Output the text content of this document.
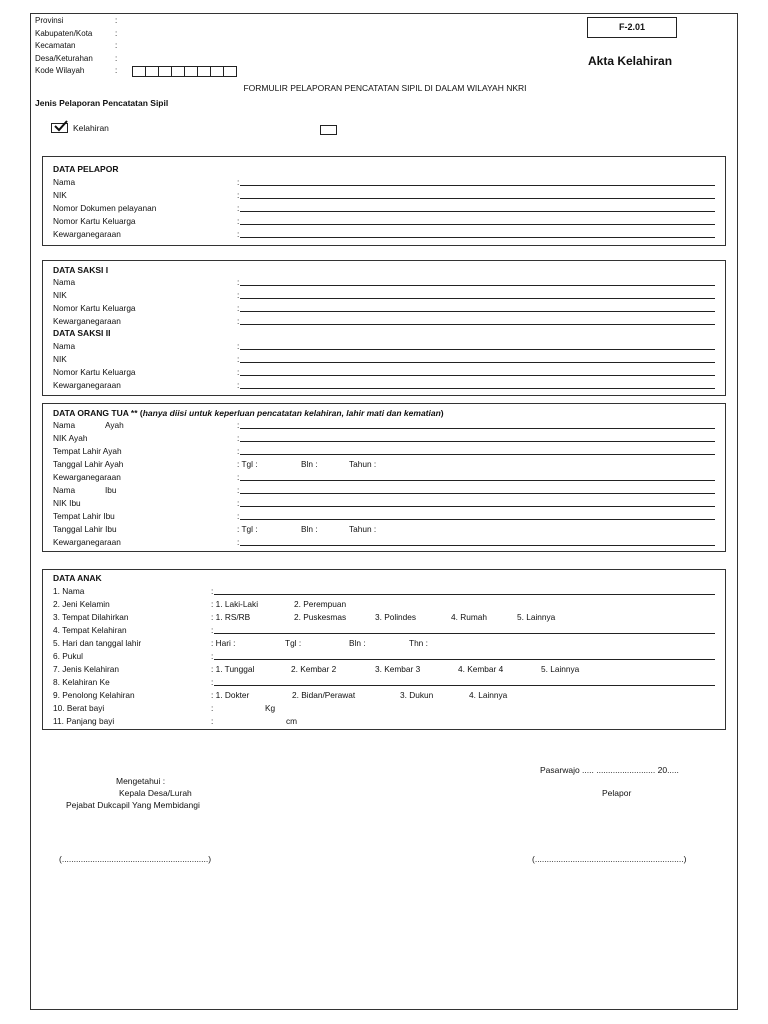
Provinsi	:
Kabupaten/Kota	:
Kecamatan	:
Desa/Keturahan	:
Kode Wilayah	:
F-2.01
Akta Kelahiran
FORMULIR PELAPORAN PENCATATAN SIPIL DI DALAM WILAYAH NKRI
Jenis Pelaporan Pencatatan Sipil
Kelahiran
DATA PELAPOR
Nama	:
NIK	:
Nomor Dokumen pelayanan	:
Nomor Kartu Keluarga	:
Kewarganegaraan	:
DATA SAKSI I
Nama	:
NIK	:
Nomor Kartu Keluarga	:
Kewarganegaraan	:
DATA SAKSI II
Nama	:
NIK	:
Nomor Kartu Keluarga	:
Kewarganegaraan	:
DATA ORANG TUA ** (hanya diisi untuk keperluan pencatatan kelahiran, lahir mati dan kematian)
Nama	Ayah	:
NIK Ayah	:
Tempat Lahir Ayah	:
Tanggal Lahir Ayah	: Tgl :	Bln :	Tahun :
Kewarganegaraan	:
Nama	Ibu	:
NIK Ibu	:
Tempat Lahir Ibu	:
Tanggal Lahir Ibu	: Tgl :	Bln :	Tahun :
Kewarganegaraan	:
DATA ANAK
1. Nama	:
2. Jeni Kelamin	: 1. Laki-Laki	2. Perempuan
3. Tempat Dilahirkan	: 1. RS/RB	2. Puskesmas	3. Polindes	4. Rumah	5. Lainnya
4. Tempat Kelahiran	:
5. Hari dan tanggal lahir	: Hari :	Tgl :	Bln :	Thn :
6. Pukul	:
7. Jenis Kelahiran	: 1. Tunggal	2. Kembar 2	3. Kembar 3	4. Kembar 4	5. Lainnya
8. Kelahiran Ke	:
9. Penolong Kelahiran	: 1. Dokter	2. Bidan/Perawat	3. Dukun	4. Lainnya
10. Berat bayi	:	Kg
11. Panjang bayi	:	cm
Pasarwajo ..... ......................... 20.....
Mengetahui :
Kepala Desa/Lurah
Pejabat Dukcapil Yang Membidangi
Pelapor
(..............................................................)	(...............................................................)
